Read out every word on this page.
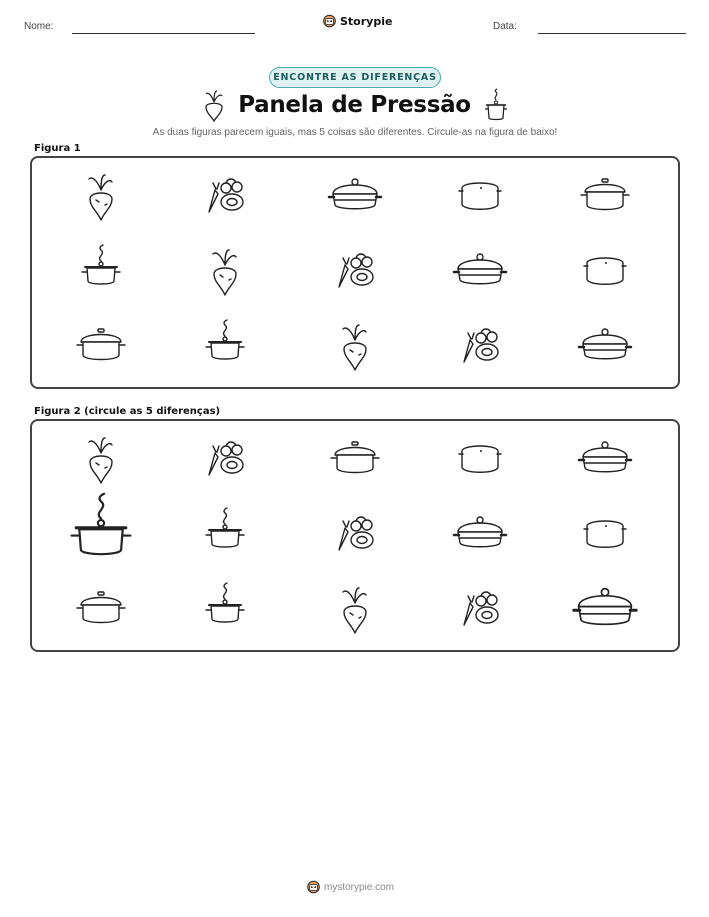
Nome:	Storypie	Data:
ENCONTRE AS DIFERENÇAS
Panela de Pressão
As duas figuras parecem iguais, mas 5 coisas são diferentes. Circule-as na figura de baixo!
Figura 1
Figura 2 (circule as 5 diferenças)
mystorypie.com
